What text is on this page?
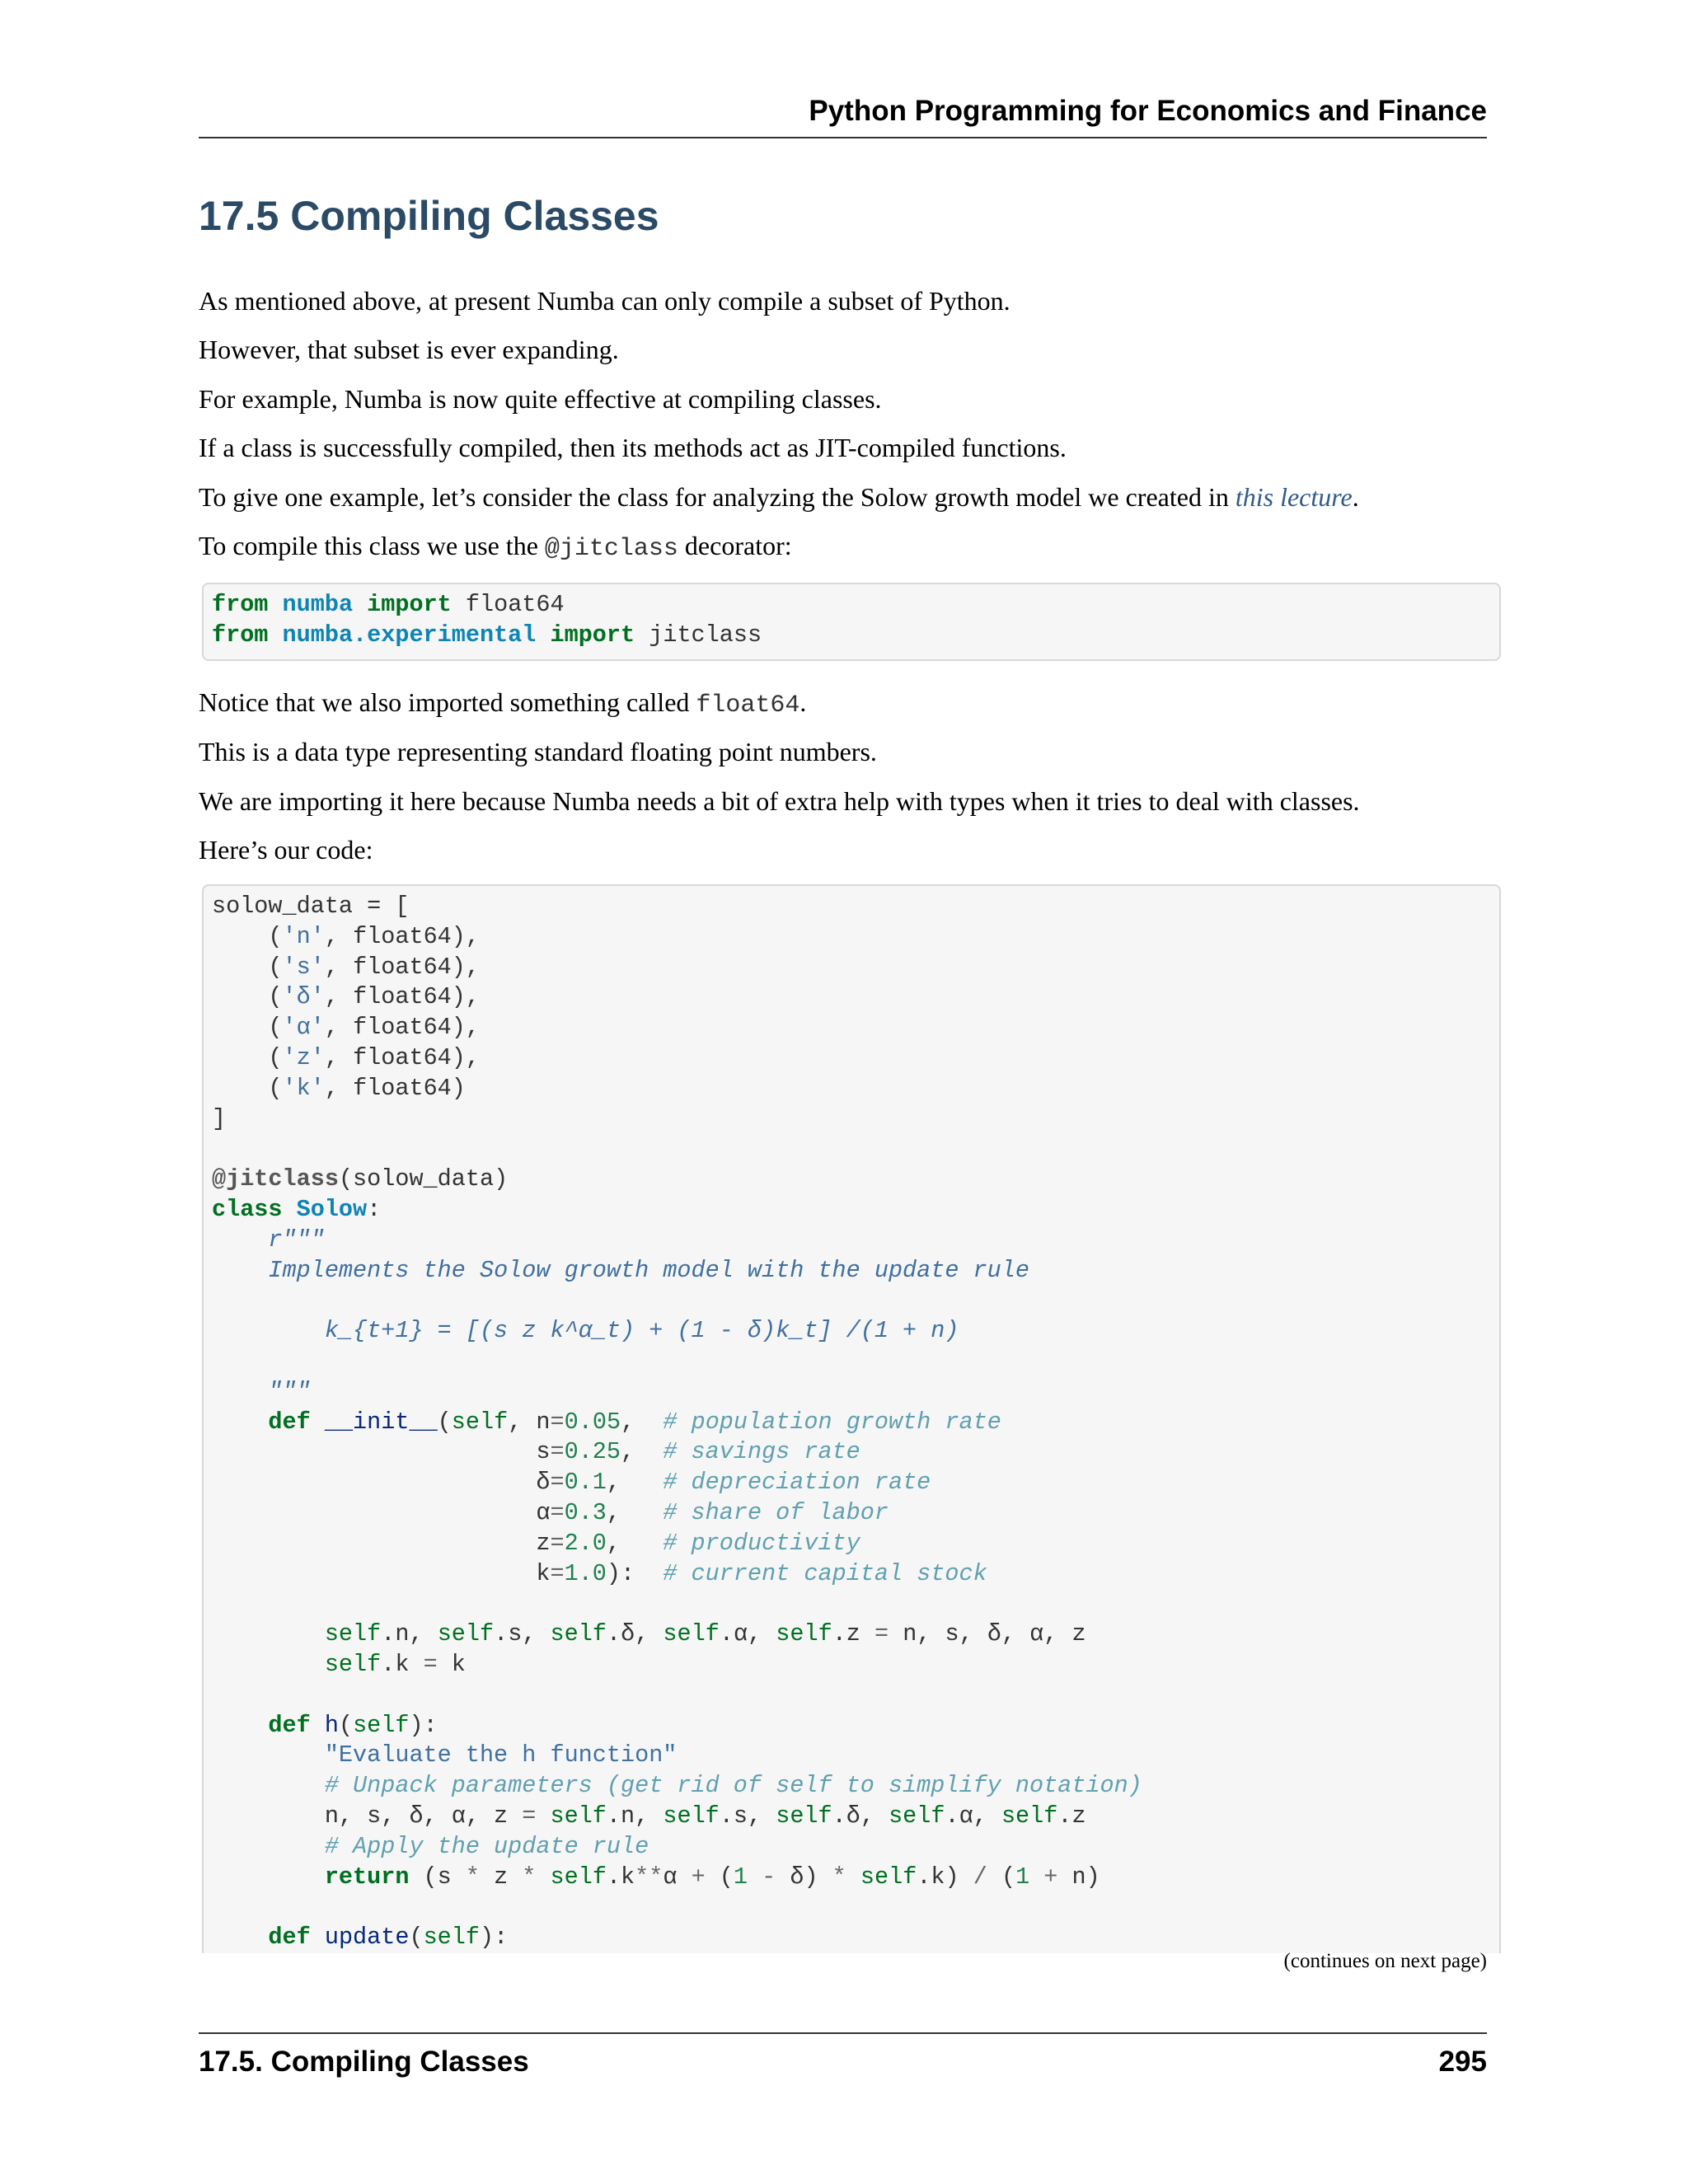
Python Programming for Economics and Finance
17.5 Compiling Classes

As mentioned above, at present Numba can only compile a subset of Python.

However, that subset is ever expanding.

For example, Numba is now quite effective at compiling classes.

If a class is successfully compiled, then its methods act as JIT-compiled functions.

To give one example, let’s consider the class for analyzing the Solow growth model we created in this lecture.

To compile this class we use the @jitclass decorator:

from numba import float64
from numba.experimental import jitclass

Notice that we also imported something called float64.

This is a data type representing standard floating point numbers.

We are importing it here because Numba needs a bit of extra help with types when it tries to deal with classes.

Here’s our code:

solow_data = [
('n', float64),
('s', float64),
('δ', float64),
('α', float64),
('z', float64),
('k', float64)
]

@jitclass(solow_data)
class Solow:
r"""
Implements the Solow growth model with the update rule

k_{t+1} = [(s z k^α_t) + (1 - δ)k_t] /(1 + n)

"""
def __init__(self, n=0.05, # population growth rate
s=0.25, # savings rate
δ=0.1, # depreciation rate
α=0.3, # share of labor
z=2.0, # productivity
k=1.0): # current capital stock

self.n, self.s, self.δ, self.α, self.z = n, s, δ, α, z
self.k = k

def h(self):
"Evaluate the h function"
# Unpack parameters (get rid of self to simplify notation)
n, s, δ, α, z = self.n, self.s, self.δ, self.α, self.z
# Apply the update rule
return (s * z * self.k**α + (1 - δ) * self.k) / (1 + n)

def update(self):
(continues on next page)
17.5. Compiling Classes	295
